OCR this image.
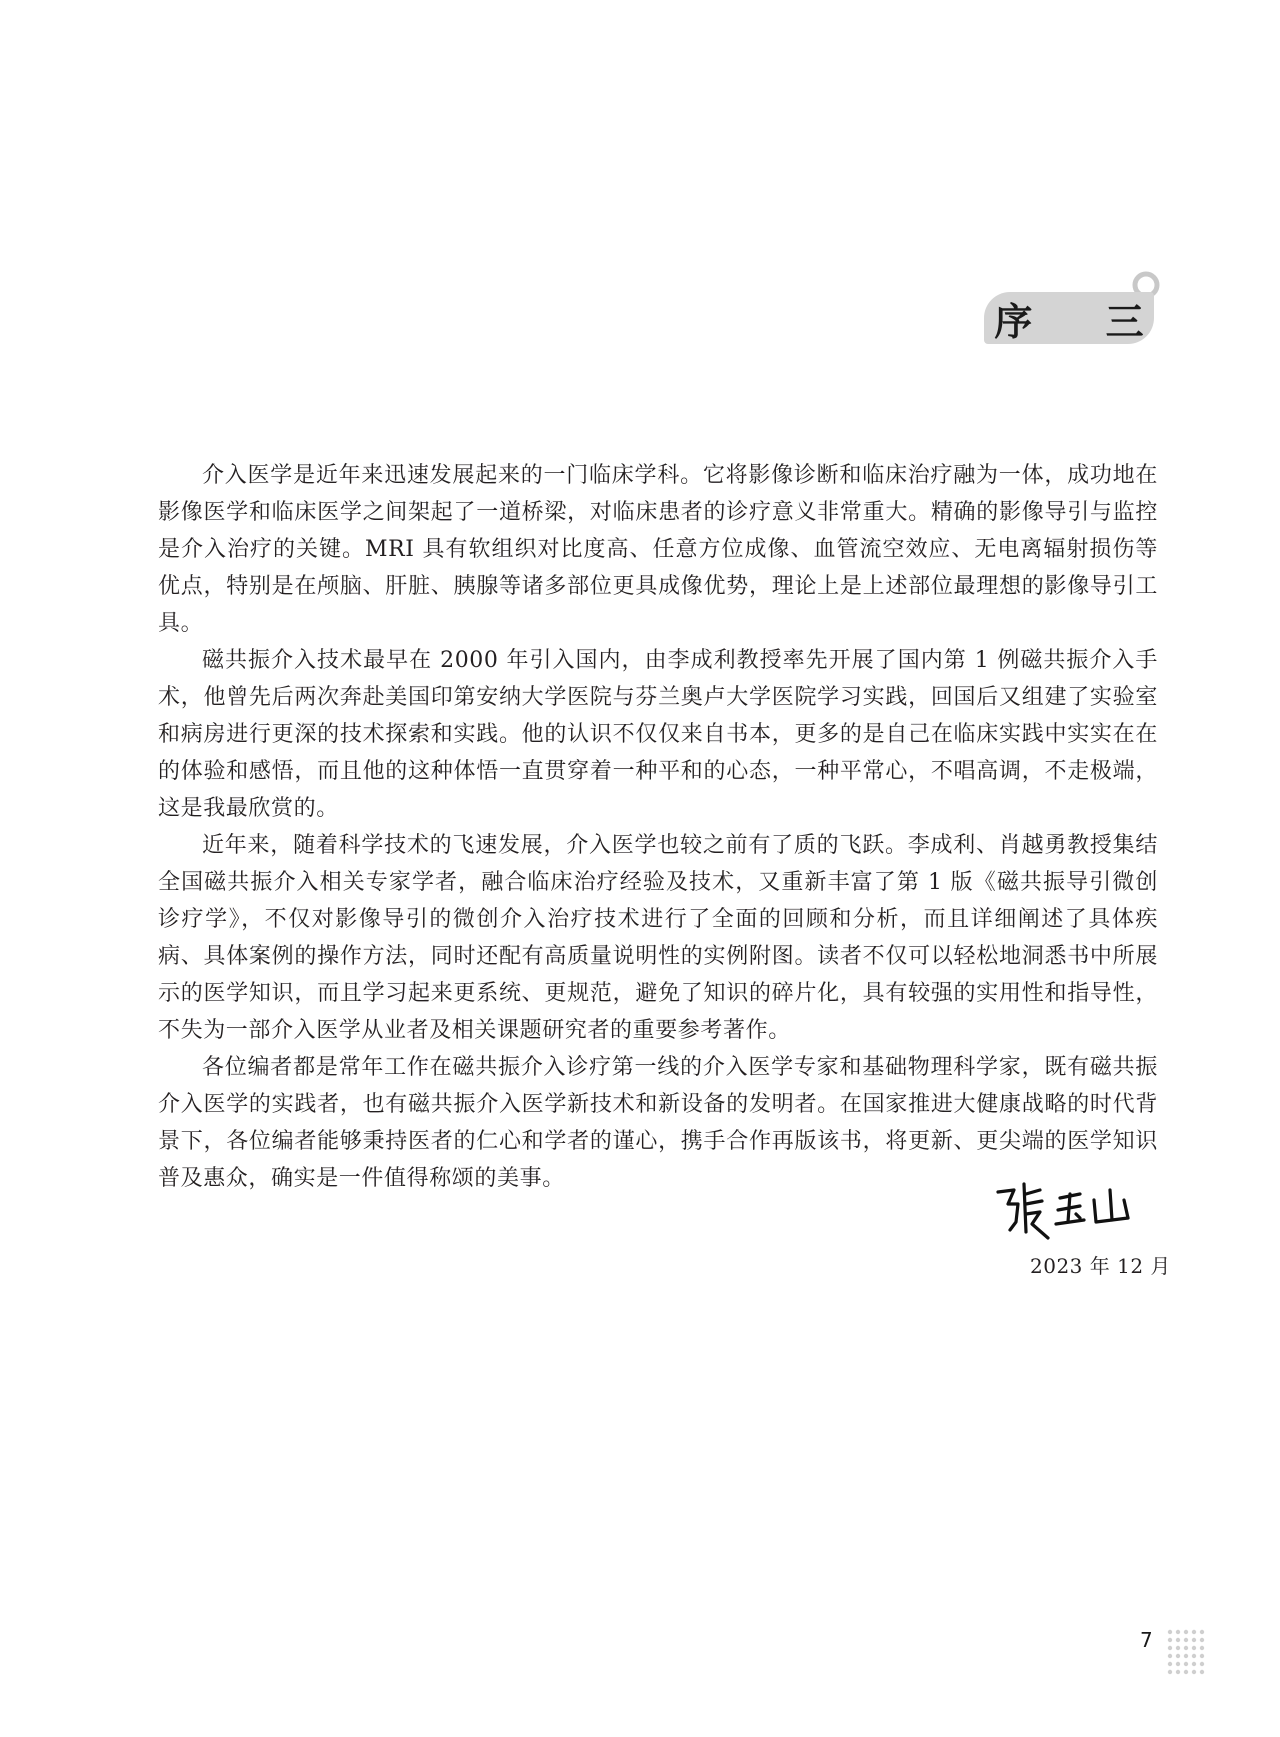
序 三

介入医学是近年来迅速发展起来的一门临床学科。它将影像诊断和临床治疗融为一体，成功地在影像医学和临床医学之间架起了一道桥梁，对临床患者的诊疗意义非常重大。精确的影像导引与监控是介入治疗的关键。MRI 具有软组织对比度高、任意方位成像、血管流空效应、无电离辐射损伤等优点，特别是在颅脑、肝脏、胰腺等诸多部位更具成像优势，理论上是上述部位最理想的影像导引工具。

磁共振介入技术最早在 2000 年引入国内，由李成利教授率先开展了国内第 1 例磁共振介入手术，他曾先后两次奔赴美国印第安纳大学医院与芬兰奥卢大学医院学习实践，回国后又组建了实验室和病房进行更深的技术探索和实践。他的认识不仅仅来自书本，更多的是自己在临床实践中实实在在的体验和感悟，而且他的这种体悟一直贯穿着一种平和的心态，一种平常心，不唱高调，不走极端，这是我最欣赏的。

近年来，随着科学技术的飞速发展，介入医学也较之前有了质的飞跃。李成利、肖越勇教授集结全国磁共振介入相关专家学者，融合临床治疗经验及技术，又重新丰富了第 1 版《磁共振导引微创诊疗学》，不仅对影像导引的微创介入治疗技术进行了全面的回顾和分析，而且详细阐述了具体疾病、具体案例的操作方法，同时还配有高质量说明性的实例附图。读者不仅可以轻松地洞悉书中所展示的医学知识，而且学习起来更系统、更规范，避免了知识的碎片化，具有较强的实用性和指导性，不失为一部介入医学从业者及相关课题研究者的重要参考著作。

各位编者都是常年工作在磁共振介入诊疗第一线的介入医学专家和基础物理科学家，既有磁共振介入医学的实践者，也有磁共振介入医学新技术和新设备的发明者。在国家推进大健康战略的时代背景下，各位编者能够秉持医者的仁心和学者的谨心，携手合作再版该书，将更新、更尖端的医学知识普及惠众，确实是一件值得称颂的美事。

2023 年 12 月
7
